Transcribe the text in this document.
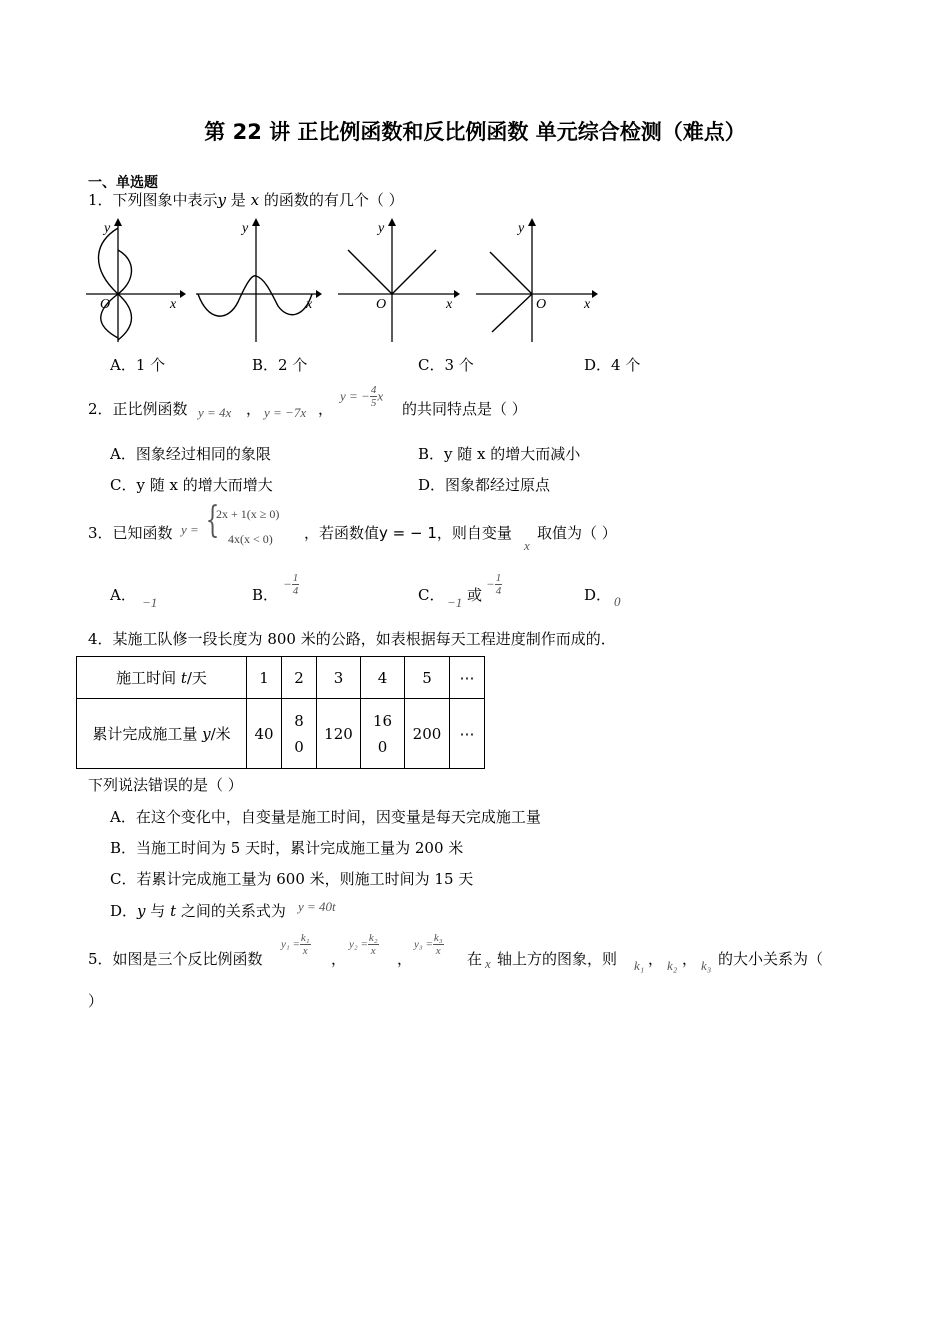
第 22 讲 正比例函数和反比例函数 单元综合检测（难点）
一、单选题
1．下列图象中表示y 是 x 的函数的有几个（ ）
y
x
O
y
x
y
x
O
y
x
O
A．1 个	B．2 个	C．3 个	D．4 个
2．正比例函数 y = 4x ， y = −7x ，
y = − $\frac{4}{5}$ x
的共同特点是（ ）
A．图象经过相同的象限	B．y 随 x 的增大而减小
C．y 随 x 的增大而增大	D．图象都经过原点
3．已知函数 y = {
2x + 1(x ≥ 0)
4x(x < 0) ，若函数值y = − 1，则自变量
x
取值为（ ）
A． −1	B．
− $\frac{1}{4}$	C． −1 或
− $\frac{1}{4}$	D． 0
4．某施工队修一段长度为 800 米的公路，如表根据每天工程进度制作而成的．
施工时间 t/天	1	2	3	4	5	⋯
累计完成施工量 y/米	40	8
0	120	16
0	200	⋯
下列说法错误的是（ ）
A．在这个变化中，自变量是施工时间，因变量是每天完成施工量
B．当施工时间为 5 天时，累计完成施工量为 200 米
C．若累计完成施工量为 600 米，则施工时间为 15 天
D．y 与 t 之间的关系式为 y = 40t
5．如图是三个反比例函数
$y_1 = \frac{\text{k₁}}{x}$
，
$y_2 = \frac{\text{k₂}}{x}$
，
$y_3 = \frac{\text{k₃}}{x}$
在 x 轴上方的图象，则 k₁ ， k₂ ， k₃ 的大小关系为（
）
